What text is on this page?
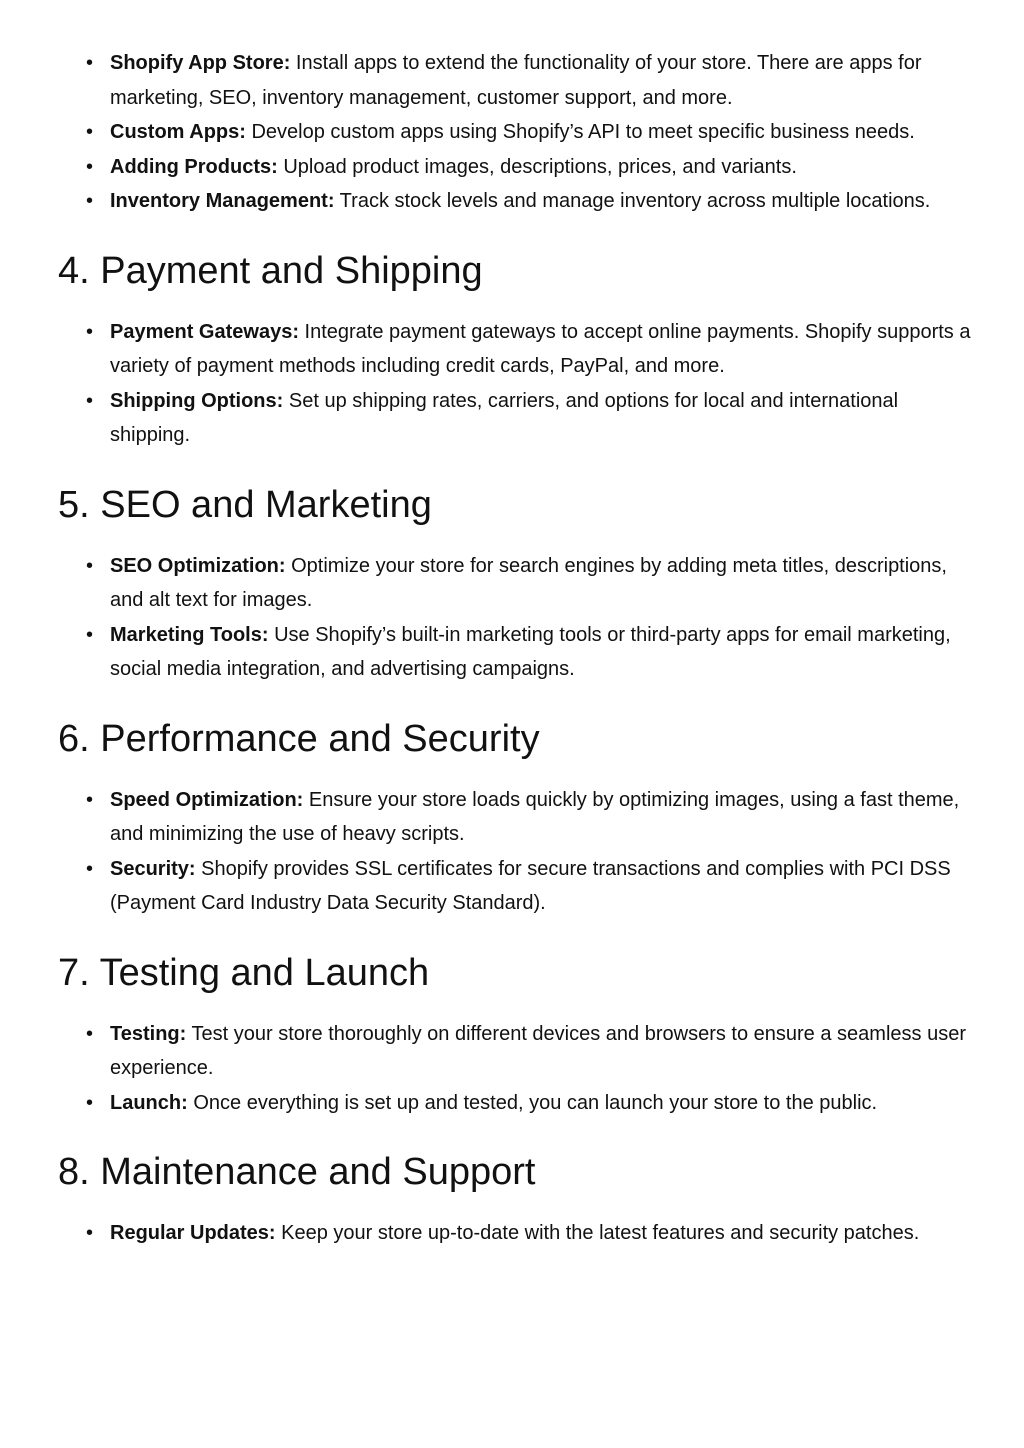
• Shopify App Store: Install apps to extend the functionality of your store. There are apps for marketing, SEO, inventory management, customer support, and more.
• Custom Apps: Develop custom apps using Shopify’s API to meet specific business needs.
• Adding Products: Upload product images, descriptions, prices, and variants.
• Inventory Management: Track stock levels and manage inventory across multiple locations.
4. Payment and Shipping
• Payment Gateways: Integrate payment gateways to accept online payments. Shopify supports a variety of payment methods including credit cards, PayPal, and more.
• Shipping Options: Set up shipping rates, carriers, and options for local and international shipping.
5. SEO and Marketing
• SEO Optimization: Optimize your store for search engines by adding meta titles, descriptions, and alt text for images.
• Marketing Tools: Use Shopify’s built-in marketing tools or third-party apps for email marketing, social media integration, and advertising campaigns.
6. Performance and Security
• Speed Optimization: Ensure your store loads quickly by optimizing images, using a fast theme, and minimizing the use of heavy scripts.
• Security: Shopify provides SSL certificates for secure transactions and complies with PCI DSS (Payment Card Industry Data Security Standard).
7. Testing and Launch
• Testing: Test your store thoroughly on different devices and browsers to ensure a seamless user experience.
• Launch: Once everything is set up and tested, you can launch your store to the public.
8. Maintenance and Support
• Regular Updates: Keep your store up-to-date with the latest features and security patches.
